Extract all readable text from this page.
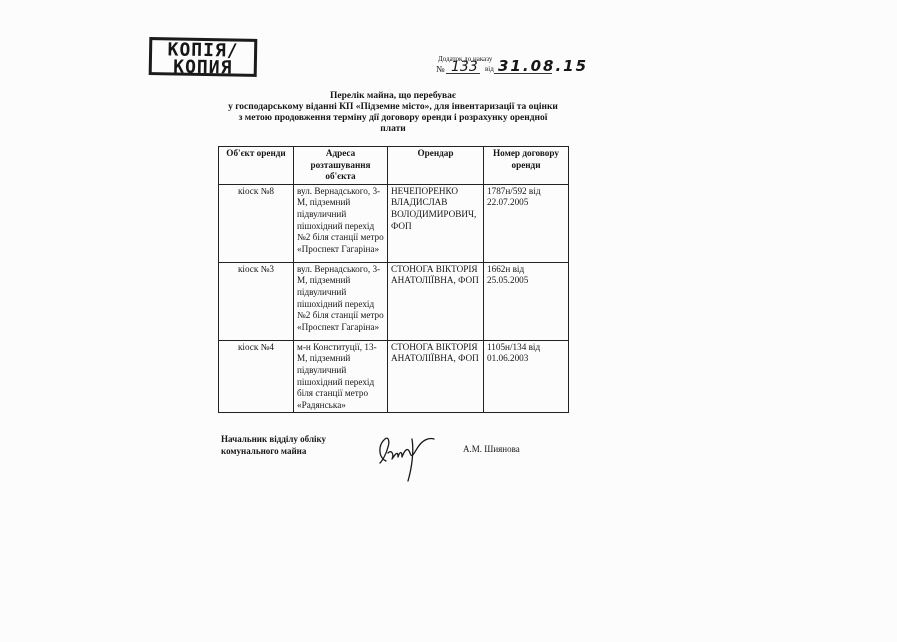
КОПІЯ/
КОПИЯ	Додаток до наказу
№ 133 від 31.08.15
Перелік майна, що перебуває
у господарському віданні КП «Підземне місто», для інвентаризації та оцінки
з метою продовження терміну дії договору оренди і розрахунку орендної
плати
Об'єкт оренди	Адреса розташування об'єкта	Орендар	Номер договору оренди
кіоск №8	вул. Вернадського, 3-М, підземний підвуличний пішохідний перехід №2 біля станції метро «Проспект Гагаріна»	НЕЧЕПОРЕНКО ВЛАДИСЛАВ ВОЛОДИМИРОВИЧ, ФОП	1787н/592 від 22.07.2005
кіоск №3	вул. Вернадського, 3-М, підземний підвуличний пішохідний перехід №2 біля станції метро «Проспект Гагаріна»	СТОНОГА ВІКТОРІЯ АНАТОЛІЇВНА, ФОП	1662н від 25.05.2005
кіоск №4	м-н Конституції, 13-М, підземний підвуличний пішохідний перехід біля станції метро «Радянська»	СТОНОГА ВІКТОРІЯ АНАТОЛІЇВНА, ФОП	1105н/134 від 01.06.2003
Начальник відділу обліку
комунального майна	А.М. Шиянова
